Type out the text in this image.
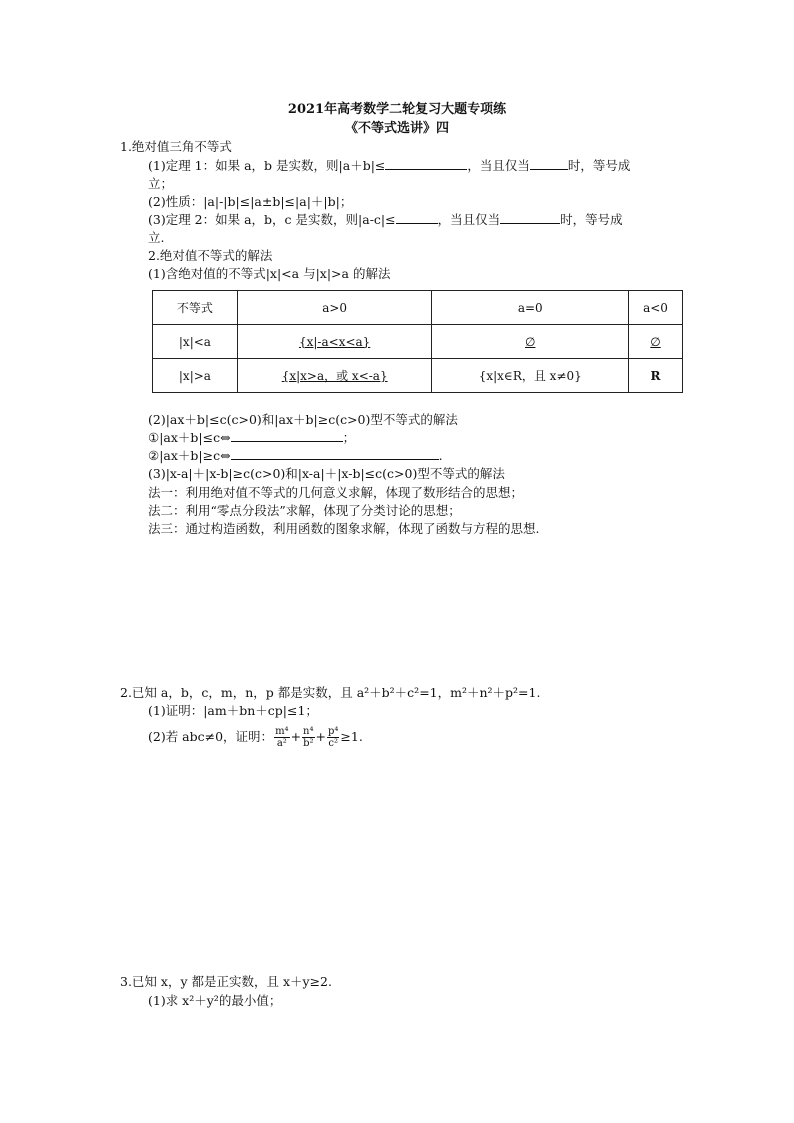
2021年高考数学二轮复习大题专项练
《不等式选讲》四
1.绝对值三角不等式
(1)定理 1：如果 a，b 是实数，则|a＋b|≤	，当且仅当	时，等号成
立；
(2)性质：|a|-|b|≤|a±b|≤|a|＋|b|；
(3)定理 2：如果 a，b，c 是实数，则|a-c|≤	，当且仅当	时，等号成
立.
2.绝对值不等式的解法
(1)含绝对值的不等式|x|<a 与|x|>a 的解法
不等式	a>0	a=0	a<0
|x|<a	{x|-a<x<a}	∅	∅
|x|>a	{x|x>a，或 x<-a}	{x|x∈R，且 x≠0}	R
(2)|ax＋b|≤c(c>0)和|ax＋b|≥c(c>0)型不等式的解法
①|ax＋b|≤c⇔	；
②|ax＋b|≥c⇔	.
(3)|x-a|＋|x-b|≥c(c>0)和|x-a|＋|x-b|≤c(c>0)型不等式的解法
法一：利用绝对值不等式的几何意义求解，体现了数形结合的思想；
法二：利用“零点分段法”求解，体现了分类讨论的思想；
法三：通过构造函数，利用函数的图象求解，体现了函数与方程的思想.
2.已知 a，b，c，m，n，p 都是实数，且 a²＋b²＋c²=1，m²＋n²＋p²=1.
(1)证明：|am＋bn＋cp|≤1；
(2)若 abc≠0，证明： $\frac{\text{m⁴}}{\text{a²}} + \frac{\text{n⁴}}{\text{b²}} + \frac{\text{p⁴}}{\text{c²}} \ge 1$.
3.已知 x，y 都是正实数，且 x＋y≥2.
(1)求 x²＋y²的最小值；
